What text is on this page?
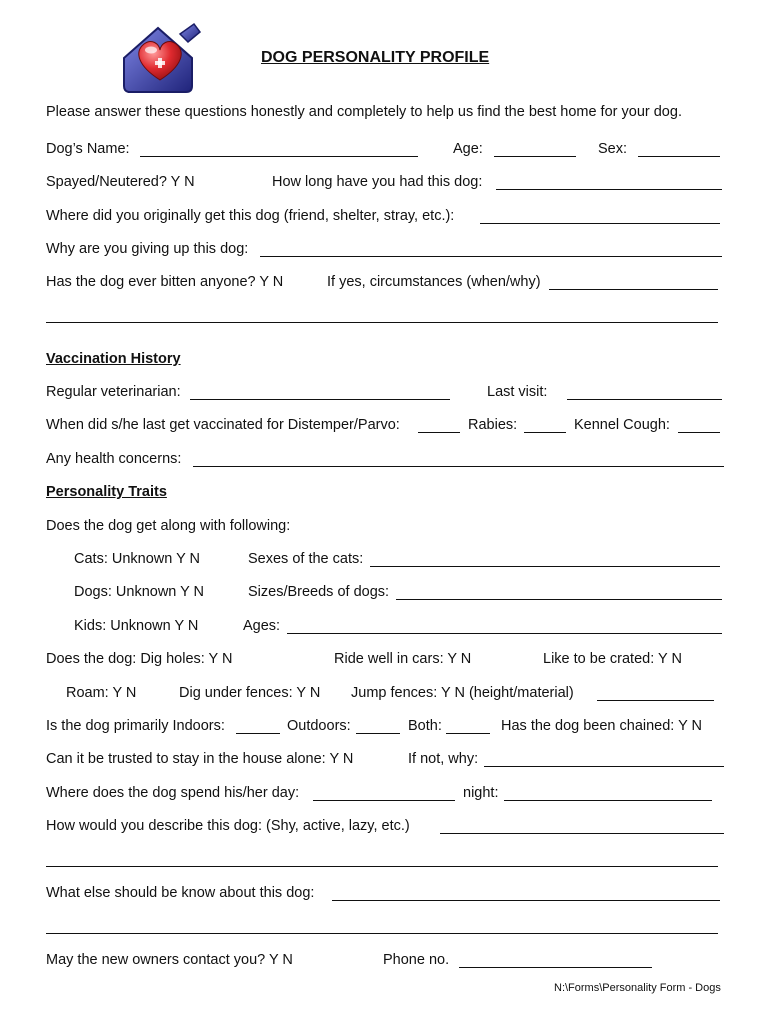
DOG PERSONALITY PROFILE
Please answer these questions honestly and completely to help us find the best home for your dog.
Dog’s Name:	Age:	Sex:
Spayed/Neutered? Y N	How long have you had this dog:
Where did you originally get this dog (friend, shelter, stray, etc.):
Why are you giving up this dog:
Has the dog ever bitten anyone? Y N	If yes, circumstances (when/why)
Vaccination History
Regular veterinarian:	Last visit:
When did s/he last get vaccinated for Distemper/Parvo:	Rabies:	Kennel Cough:
Any health concerns:
Personality Traits
Does the dog get along with following:
Cats: Unknown Y N	Sexes of the cats:
Dogs: Unknown Y N	Sizes/Breeds of dogs:
Kids: Unknown Y N	Ages:
Does the dog: Dig holes: Y N	Ride well in cars: Y N	Like to be crated: Y N
Roam: Y N	Dig under fences: Y N Jump fences: Y N (height/material)
Is the dog primarily Indoors:	Outdoors:	Both:	Has the dog been chained: Y N
Can it be trusted to stay in the house alone: Y N	If not, why:
Where does the dog spend his/her day:	night:
How would you describe this dog: (Shy, active, lazy, etc.)
What else should be know about this dog:
May the new owners contact you? Y N	Phone no.
N:\Forms\Personality Form - Dogs
